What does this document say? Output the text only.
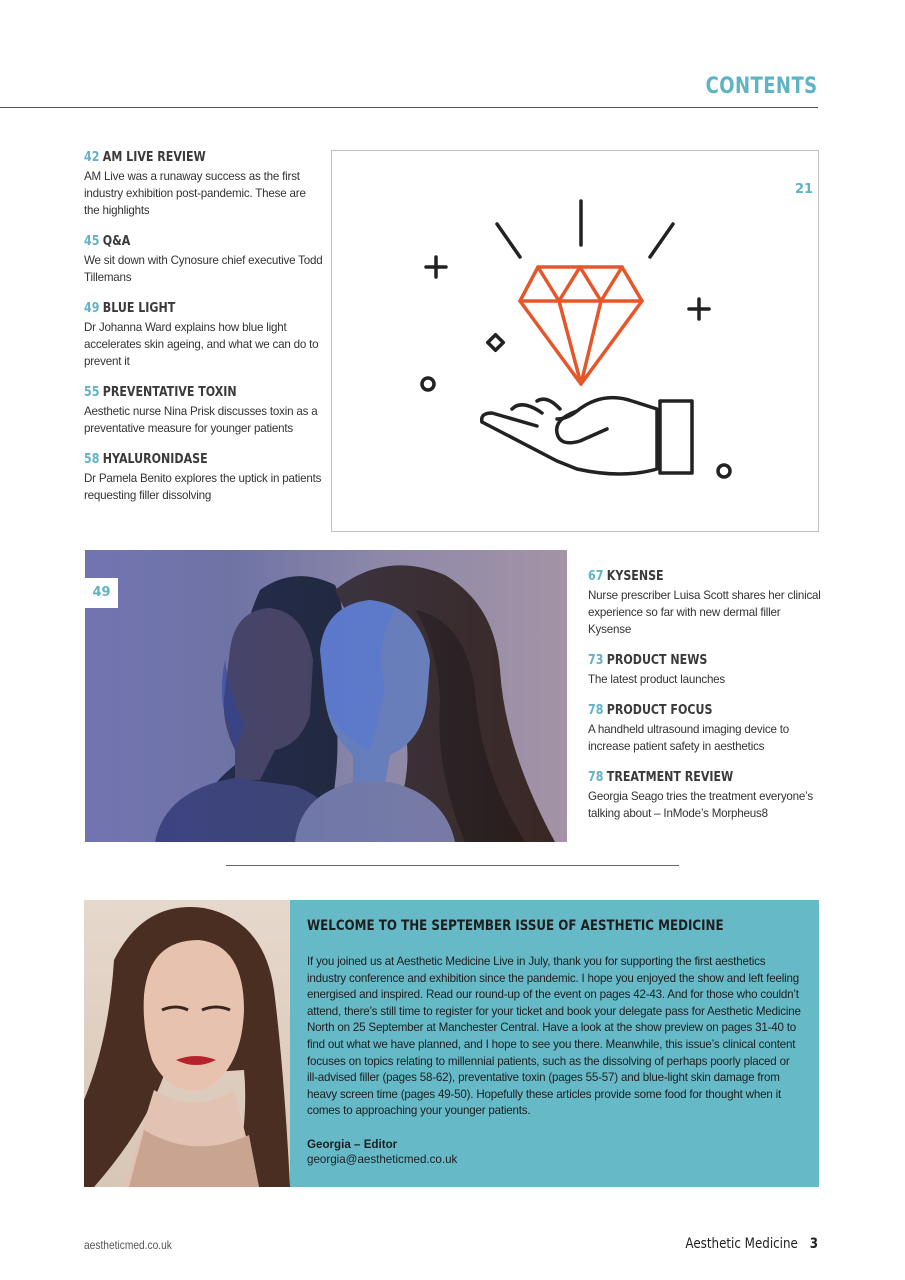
CONTENTS
42 AM LIVE REVIEW
AM Live was a runaway success as the first industry exhibition post-pandemic. These are the highlights
45 Q&A
We sit down with Cynosure chief executive Todd Tillemans
49 BLUE LIGHT
Dr Johanna Ward explains how blue light accelerates skin ageing, and what we can do to prevent it
55 PREVENTATIVE TOXIN
Aesthetic nurse Nina Prisk discusses toxin as a preventative measure for younger patients
58 HYALURONIDASE
Dr Pamela Benito explores the uptick in patients requesting filler dissolving
21
49
67 KYSENSE
Nurse prescriber Luisa Scott shares her clinical experience so far with new dermal filler Kysense
73 PRODUCT NEWS
The latest product launches
78 PRODUCT FOCUS
A handheld ultrasound imaging device to increase patient safety in aesthetics
78 TREATMENT REVIEW
Georgia Seago tries the treatment everyone’s talking about – InMode’s Morpheus8
WELCOME TO THE SEPTEMBER ISSUE OF AESTHETIC MEDICINE
If you joined us at Aesthetic Medicine Live in July, thank you for supporting the first aesthetics industry conference and exhibition since the pandemic. I hope you enjoyed the show and left feeling energised and inspired. Read our round-up of the event on pages 42-43. And for those who couldn’t attend, there’s still time to register for your ticket and book your delegate pass for Aesthetic Medicine North on 25 September at Manchester Central. Have a look at the show preview on pages 31-40 to find out what we have planned, and I hope to see you there. Meanwhile, this issue’s clinical content focuses on topics relating to millennial patients, such as the dissolving of perhaps poorly placed or ill-advised filler (pages 58-62), preventative toxin (pages 55-57) and blue-light skin damage from heavy screen time (pages 49-50). Hopefully these articles provide some food for thought when it comes to approaching your younger patients.
Georgia – Editor
georgia@aestheticmed.co.uk
aestheticmed.co.uk	Aesthetic Medicine 3
